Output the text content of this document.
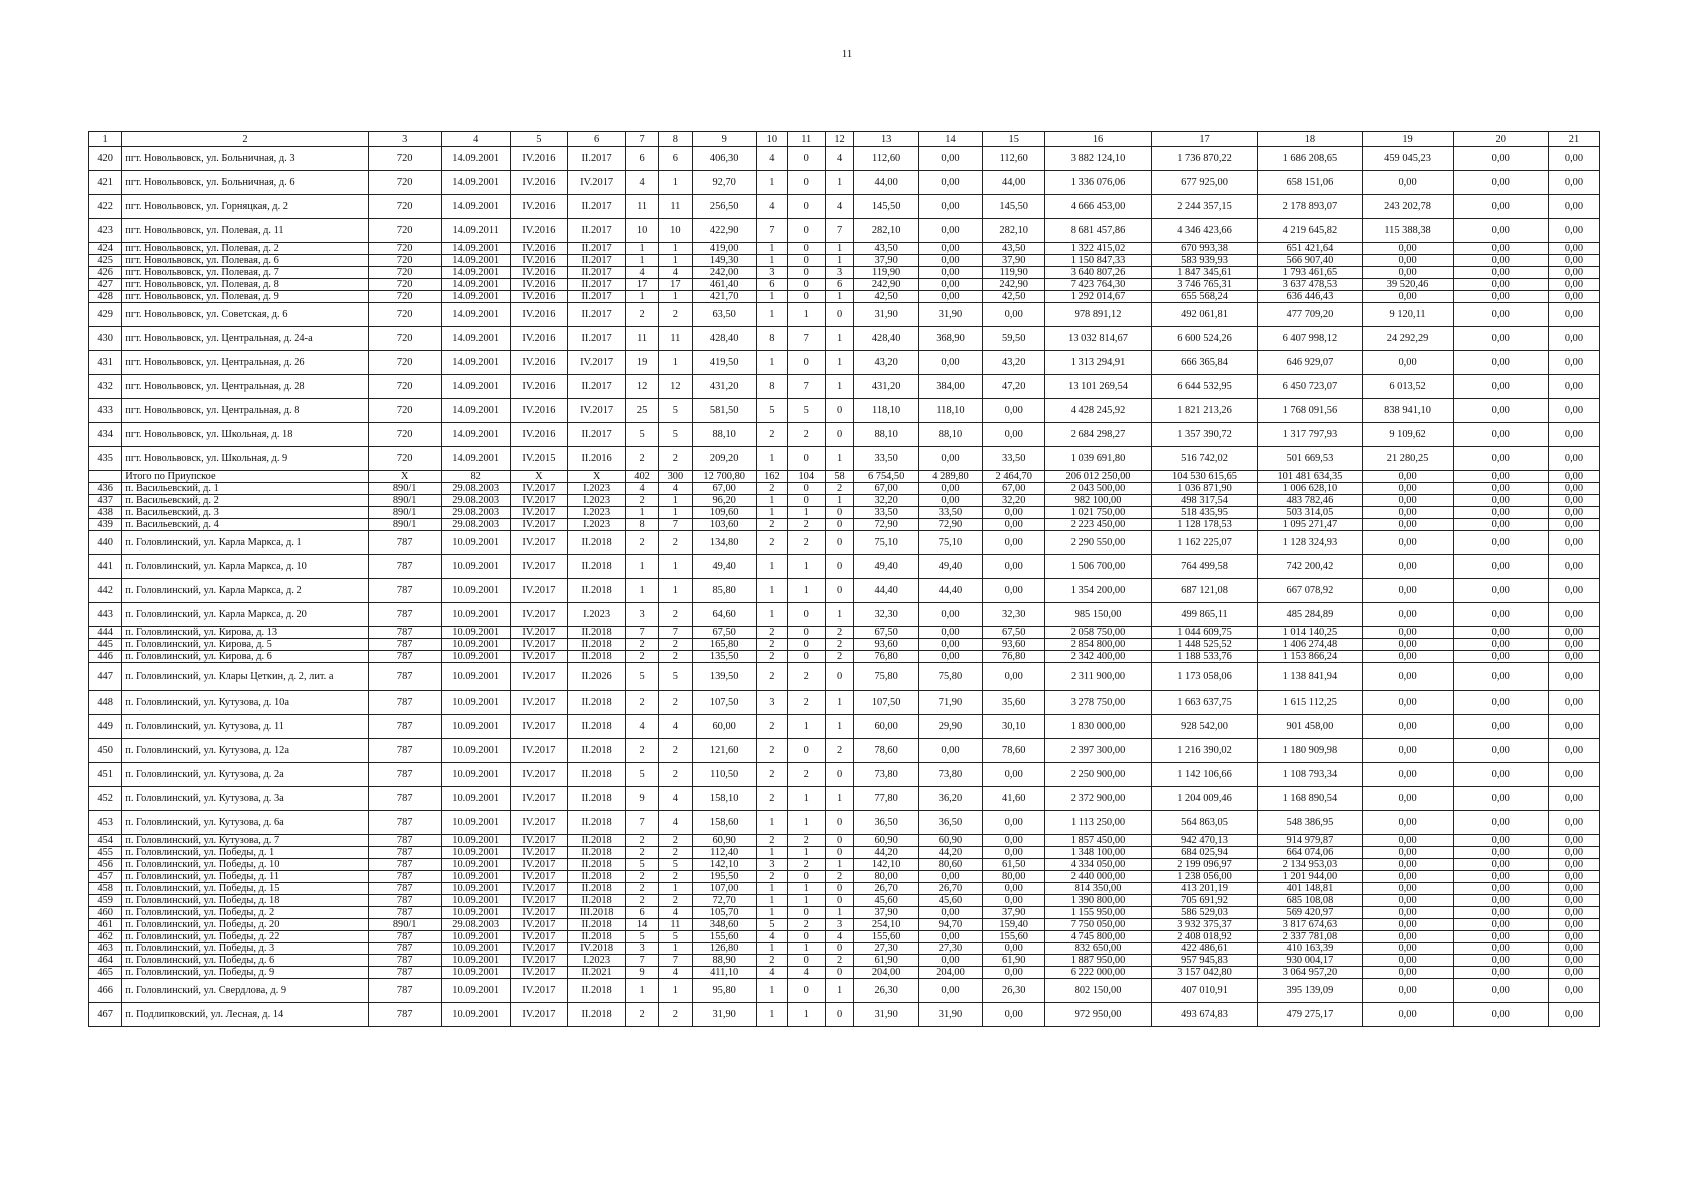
11
1	2	3	4	5	6	7	8	9	10	11	12	13	14	15	16	17	18	19	20	21
420	пгт. Новольвовск, ул. Больничная, д. 3	720	14.09.2001	IV.2016	II.2017	6	6	406,30	4	0	4	112,60	0,00	112,60	3 882 124,10	1 736 870,22	1 686 208,65	459 045,23	0,00	0,00
421	пгт. Новольвовск, ул. Больничная, д. 6	720	14.09.2001	IV.2016	IV.2017	4	1	92,70	1	0	1	44,00	0,00	44,00	1 336 076,06	677 925,00	658 151,06	0,00	0,00	0,00
422	пгт. Новольвовск, ул. Горняцкая, д. 2	720	14.09.2001	IV.2016	II.2017	11	11	256,50	4	0	4	145,50	0,00	145,50	4 666 453,00	2 244 357,15	2 178 893,07	243 202,78	0,00	0,00
423	пгт. Новольвовск, ул. Полевая, д. 11	720	14.09.2011	IV.2016	II.2017	10	10	422,90	7	0	7	282,10	0,00	282,10	8 681 457,86	4 346 423,66	4 219 645,82	115 388,38	0,00	0,00
424	пгт. Новольвовск, ул. Полевая, д. 2	720	14.09.2001	IV.2016	II.2017	1	1	419,00	1	0	1	43,50	0,00	43,50	1 322 415,02	670 993,38	651 421,64	0,00	0,00	0,00
425	пгт. Новольвовск, ул. Полевая, д. 6	720	14.09.2001	IV.2016	II.2017	1	1	149,30	1	0	1	37,90	0,00	37,90	1 150 847,33	583 939,93	566 907,40	0,00	0,00	0,00
426	пгт. Новольвовск, ул. Полевая, д. 7	720	14.09.2001	IV.2016	II.2017	4	4	242,00	3	0	3	119,90	0,00	119,90	3 640 807,26	1 847 345,61	1 793 461,65	0,00	0,00	0,00
427	пгт. Новольвовск, ул. Полевая, д. 8	720	14.09.2001	IV.2016	II.2017	17	17	461,40	6	0	6	242,90	0,00	242,90	7 423 764,30	3 746 765,31	3 637 478,53	39 520,46	0,00	0,00
428	пгт. Новольвовск, ул. Полевая, д. 9	720	14.09.2001	IV.2016	II.2017	1	1	421,70	1	0	1	42,50	0,00	42,50	1 292 014,67	655 568,24	636 446,43	0,00	0,00	0,00
429	пгт. Новольвовск, ул. Советская, д. 6	720	14.09.2001	IV.2016	II.2017	2	2	63,50	1	1	0	31,90	31,90	0,00	978 891,12	492 061,81	477 709,20	9 120,11	0,00	0,00
430	пгт. Новольвовск, ул. Центральная, д. 24-а	720	14.09.2001	IV.2016	II.2017	11	11	428,40	8	7	1	428,40	368,90	59,50	13 032 814,67	6 600 524,26	6 407 998,12	24 292,29	0,00	0,00
431	пгт. Новольвовск, ул. Центральная, д. 26	720	14.09.2001	IV.2016	IV.2017	19	1	419,50	1	0	1	43,20	0,00	43,20	1 313 294,91	666 365,84	646 929,07	0,00	0,00	0,00
432	пгт. Новольвовск, ул. Центральная, д. 28	720	14.09.2001	IV.2016	II.2017	12	12	431,20	8	7	1	431,20	384,00	47,20	13 101 269,54	6 644 532,95	6 450 723,07	6 013,52	0,00	0,00
433	пгт. Новольвовск, ул. Центральная, д. 8	720	14.09.2001	IV.2016	IV.2017	25	5	581,50	5	5	0	118,10	118,10	0,00	4 428 245,92	1 821 213,26	1 768 091,56	838 941,10	0,00	0,00
434	пгт. Новольвовск, ул. Школьная, д. 18	720	14.09.2001	IV.2016	II.2017	5	5	88,10	2	2	0	88,10	88,10	0,00	2 684 298,27	1 357 390,72	1 317 797,93	9 109,62	0,00	0,00
435	пгт. Новольвовск, ул. Школьная, д. 9	720	14.09.2001	IV.2015	II.2016	2	2	209,20	1	0	1	33,50	0,00	33,50	1 039 691,80	516 742,02	501 669,53	21 280,25	0,00	0,00
	Итого по Приупское	X	82	X	X	402	300	12 700,80	162	104	58	6 754,50	4 289,80	2 464,70	206 012 250,00	104 530 615,65	101 481 634,35	0,00	0,00	0,00
436	п. Васильевский, д. 1	890/1	29.08.2003	IV.2017	I.2023	4	4	67,00	2	0	2	67,00	0,00	67,00	2 043 500,00	1 036 871,90	1 006 628,10	0,00	0,00	0,00
437	п. Васильевский, д. 2	890/1	29.08.2003	IV.2017	I.2023	2	1	96,20	1	0	1	32,20	0,00	32,20	982 100,00	498 317,54	483 782,46	0,00	0,00	0,00
438	п. Васильевский, д. 3	890/1	29.08.2003	IV.2017	I.2023	1	1	109,60	1	1	0	33,50	33,50	0,00	1 021 750,00	518 435,95	503 314,05	0,00	0,00	0,00
439	п. Васильевский, д. 4	890/1	29.08.2003	IV.2017	I.2023	8	7	103,60	2	2	0	72,90	72,90	0,00	2 223 450,00	1 128 178,53	1 095 271,47	0,00	0,00	0,00
440	п. Головлинский, ул. Карла Маркса, д. 1	787	10.09.2001	IV.2017	II.2018	2	2	134,80	2	2	0	75,10	75,10	0,00	2 290 550,00	1 162 225,07	1 128 324,93	0,00	0,00	0,00
441	п. Головлинский, ул. Карла Маркса, д. 10	787	10.09.2001	IV.2017	II.2018	1	1	49,40	1	1	0	49,40	49,40	0,00	1 506 700,00	764 499,58	742 200,42	0,00	0,00	0,00
442	п. Головлинский, ул. Карла Маркса, д. 2	787	10.09.2001	IV.2017	II.2018	1	1	85,80	1	1	0	44,40	44,40	0,00	1 354 200,00	687 121,08	667 078,92	0,00	0,00	0,00
443	п. Головлинский, ул. Карла Маркса, д. 20	787	10.09.2001	IV.2017	I.2023	3	2	64,60	1	0	1	32,30	0,00	32,30	985 150,00	499 865,11	485 284,89	0,00	0,00	0,00
444	п. Головлинский, ул. Кирова, д. 13	787	10.09.2001	IV.2017	II.2018	7	7	67,50	2	0	2	67,50	0,00	67,50	2 058 750,00	1 044 609,75	1 014 140,25	0,00	0,00	0,00
445	п. Головлинский, ул. Кирова, д. 5	787	10.09.2001	IV.2017	II.2018	2	2	165,80	2	0	2	93,60	0,00	93,60	2 854 800,00	1 448 525,52	1 406 274,48	0,00	0,00	0,00
446	п. Головлинский, ул. Кирова, д. 6	787	10.09.2001	IV.2017	II.2018	2	2	135,50	2	0	2	76,80	0,00	76,80	2 342 400,00	1 188 533,76	1 153 866,24	0,00	0,00	0,00
447	п. Головлинский, ул. Клары Цеткин, д. 2, лит. а	787	10.09.2001	IV.2017	II.2026	5	5	139,50	2	2	0	75,80	75,80	0,00	2 311 900,00	1 173 058,06	1 138 841,94	0,00	0,00	0,00
448	п. Головлинский, ул. Кутузова, д. 10а	787	10.09.2001	IV.2017	II.2018	2	2	107,50	3	2	1	107,50	71,90	35,60	3 278 750,00	1 663 637,75	1 615 112,25	0,00	0,00	0,00
449	п. Головлинский, ул. Кутузова, д. 11	787	10.09.2001	IV.2017	II.2018	4	4	60,00	2	1	1	60,00	29,90	30,10	1 830 000,00	928 542,00	901 458,00	0,00	0,00	0,00
450	п. Головлинский, ул. Кутузова, д. 12а	787	10.09.2001	IV.2017	II.2018	2	2	121,60	2	0	2	78,60	0,00	78,60	2 397 300,00	1 216 390,02	1 180 909,98	0,00	0,00	0,00
451	п. Головлинский, ул. Кутузова, д. 2а	787	10.09.2001	IV.2017	II.2018	5	2	110,50	2	2	0	73,80	73,80	0,00	2 250 900,00	1 142 106,66	1 108 793,34	0,00	0,00	0,00
452	п. Головлинский, ул. Кутузова, д. 3а	787	10.09.2001	IV.2017	II.2018	9	4	158,10	2	1	1	77,80	36,20	41,60	2 372 900,00	1 204 009,46	1 168 890,54	0,00	0,00	0,00
453	п. Головлинский, ул. Кутузова, д. 6а	787	10.09.2001	IV.2017	II.2018	7	4	158,60	1	1	0	36,50	36,50	0,00	1 113 250,00	564 863,05	548 386,95	0,00	0,00	0,00
454	п. Головлинский, ул. Кутузова, д. 7	787	10.09.2001	IV.2017	II.2018	2	2	60,90	2	2	0	60,90	60,90	0,00	1 857 450,00	942 470,13	914 979,87	0,00	0,00	0,00
455	п. Головлинский, ул. Победы, д. 1	787	10.09.2001	IV.2017	II.2018	2	2	112,40	1	1	0	44,20	44,20	0,00	1 348 100,00	684 025,94	664 074,06	0,00	0,00	0,00
456	п. Головлинский, ул. Победы, д. 10	787	10.09.2001	IV.2017	II.2018	5	5	142,10	3	2	1	142,10	80,60	61,50	4 334 050,00	2 199 096,97	2 134 953,03	0,00	0,00	0,00
457	п. Головлинский, ул. Победы, д. 11	787	10.09.2001	IV.2017	II.2018	2	2	195,50	2	0	2	80,00	0,00	80,00	2 440 000,00	1 238 056,00	1 201 944,00	0,00	0,00	0,00
458	п. Головлинский, ул. Победы, д. 15	787	10.09.2001	IV.2017	II.2018	2	1	107,00	1	1	0	26,70	26,70	0,00	814 350,00	413 201,19	401 148,81	0,00	0,00	0,00
459	п. Головлинский, ул. Победы, д. 18	787	10.09.2001	IV.2017	II.2018	2	2	72,70	1	1	0	45,60	45,60	0,00	1 390 800,00	705 691,92	685 108,08	0,00	0,00	0,00
460	п. Головлинский, ул. Победы, д. 2	787	10.09.2001	IV.2017	III.2018	6	4	105,70	1	0	1	37,90	0,00	37,90	1 155 950,00	586 529,03	569 420,97	0,00	0,00	0,00
461	п. Головлинский, ул. Победы, д. 20	890/1	29.08.2003	IV.2017	II.2018	14	11	348,60	5	2	3	254,10	94,70	159,40	7 750 050,00	3 932 375,37	3 817 674,63	0,00	0,00	0,00
462	п. Головлинский, ул. Победы, д. 22	787	10.09.2001	IV.2017	II.2018	5	5	155,60	4	0	4	155,60	0,00	155,60	4 745 800,00	2 408 018,92	2 337 781,08	0,00	0,00	0,00
463	п. Головлинский, ул. Победы, д. 3	787	10.09.2001	IV.2017	IV.2018	3	1	126,80	1	1	0	27,30	27,30	0,00	832 650,00	422 486,61	410 163,39	0,00	0,00	0,00
464	п. Головлинский, ул. Победы, д. 6	787	10.09.2001	IV.2017	I.2023	7	7	88,90	2	0	2	61,90	0,00	61,90	1 887 950,00	957 945,83	930 004,17	0,00	0,00	0,00
465	п. Головлинский, ул. Победы, д. 9	787	10.09.2001	IV.2017	II.2021	9	4	411,10	4	4	0	204,00	204,00	0,00	6 222 000,00	3 157 042,80	3 064 957,20	0,00	0,00	0,00
466	п. Головлинский, ул. Свердлова, д. 9	787	10.09.2001	IV.2017	II.2018	1	1	95,80	1	0	1	26,30	0,00	26,30	802 150,00	407 010,91	395 139,09	0,00	0,00	0,00
467	п. Подлипковский, ул. Лесная, д. 14	787	10.09.2001	IV.2017	II.2018	2	2	31,90	1	1	0	31,90	31,90	0,00	972 950,00	493 674,83	479 275,17	0,00	0,00	0,00
